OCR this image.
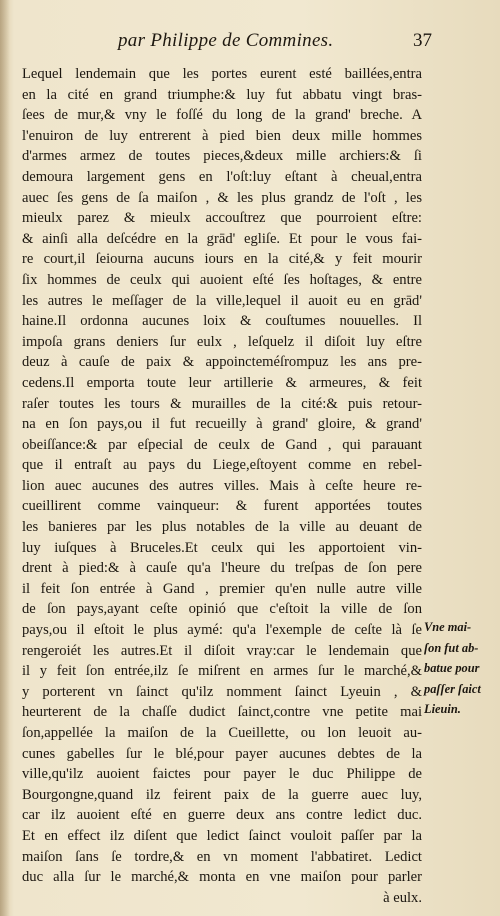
par Philippe de Commines.	37
Lequel lendemain que les portes eurent esté baillées,entra
en la cité en grand triumphe:& luy fut abbatu vingt bras-
ſees de mur,& vny le foſſé du long de la grand' breche. A
l'enuiron de luy entrerent à pied bien deux mille hommes
d'armes armez de toutes pieces,&deux mille archiers:& ſi
demoura largement gens en l'oſt:luy eſtant à cheual,entra
auec ſes gens de ſa maiſon , & les plus grandz de l'oſt , les
mieulx parez & mieulx accouſtrez que pourroient eſtre:
& ainſi alla deſcédre en la grād' egliſe. Et pour le vous fai-
re court,il ſeiourna aucuns iours en la cité,& y feit mourir
ſix hommes de ceulx qui auoient eſté ſes hoſtages, & entre
les autres le meſſager de la ville,lequel il auoit eu en grād'
haine.Il ordonna aucunes loix & couſtumes nouuelles. Il
impoſa grans deniers ſur eulx , leſquelz il diſoit luy eſtre
deuz à cauſe de paix & appoincteméſrompuz les ans pre-
cedens.Il emporta toute leur artillerie & armeures, & feit
raſer toutes les tours & murailles de la cité:& puis retour-
na en ſon pays,ou il fut recueilly à grand' gloire, & grand'
obeiſſance:& par eſpecial de ceulx de Gand , qui parauant
que il entraſt au pays du Liege,eſtoyent comme en rebel-
lion auec aucunes des autres villes. Mais à ceſte heure re-
cueillirent comme vainqueur: & furent apportées toutes
les banieres par les plus notables de la ville au deuant de
luy iuſques à Bruceles.Et ceulx qui les apportoient vin-
drent à pied:& à cauſe qu'a l'heure du treſpas de ſon pere
il feit ſon entrée à Gand , premier qu'en nulle autre ville
de ſon pays,ayant ceſte opinió que c'eſtoit la ville de ſon
pays,ou il eſtoit le plus aymé: qu'a l'exemple de ceſte là ſe
rengeroiét les autres.Et il diſoit vray:car le lendemain que
il y feit ſon entrée,ilz ſe miſrent en armes ſur le marché,&
y porterent vn ſainct qu'ilz nomment ſainct Lyeuin , &
heurterent de la chaſſe dudict ſainct,contre vne petite mai
ſon,appellée la maiſon de la Cueillette, ou lon leuoit au-
cunes gabelles ſur le blé,pour payer aucunes debtes de la
ville,qu'ilz auoient faictes pour payer le duc Philippe de
Bourgongne,quand ilz feirent paix de la guerre auec luy,
car ilz auoient eſté en guerre deux ans contre ledict duc.
Et en effect ilz diſent que ledict ſainct vouloit paſſer par la
maiſon ſans ſe tordre,& en vn moment l'abbatiret. Ledict
duc alla ſur le marché,& monta en vne maiſon pour parler
à eulx.
Vne mai-
ſon fut ab-
batue pour
paſſer ſaict
Lieuin.
